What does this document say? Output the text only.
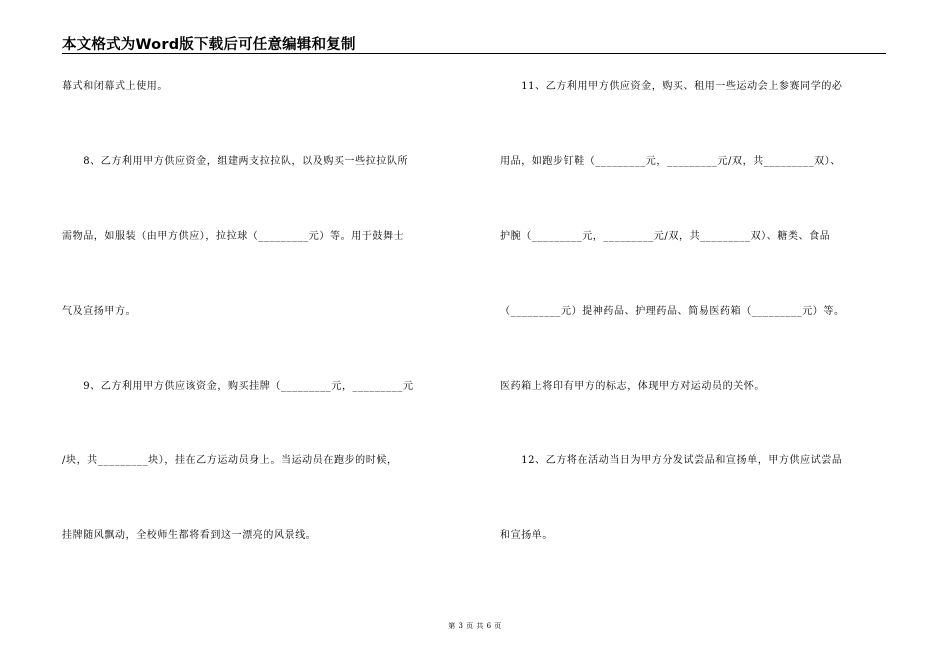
本文格式为Word版下载后可任意编辑和复制
幕式和闭幕式上使用。
　　8、乙方利用甲方供应资金，组建两支拉拉队，以及购买一些拉拉队所
需物品，如服装（由甲方供应），拉拉球（_________元）等。用于鼓舞士
气及宣扬甲方。
　　9、乙方利用甲方供应该资金，购买挂牌（_________元，_________元
/块，共_________块），挂在乙方运动员身上。当运动员在跑步的时候，
挂牌随风飘动，全校师生都将看到这一漂亮的风景线。
　　11、乙方利用甲方供应资金，购买、租用一些运动会上参赛同学的必
用品，如跑步钉鞋（_________元，_________元/双，共_________双）、
护腕（_________元，_________元/双，共_________双）、糖类、食品
（_________元）提神药品、护理药品、简易医药箱（_________元）等。
医药箱上将印有甲方的标志，体现甲方对运动员的关怀。
　　12、乙方将在活动当日为甲方分发试尝品和宣扬单，甲方供应试尝品
和宣扬单。
第 3 页 共 6 页
